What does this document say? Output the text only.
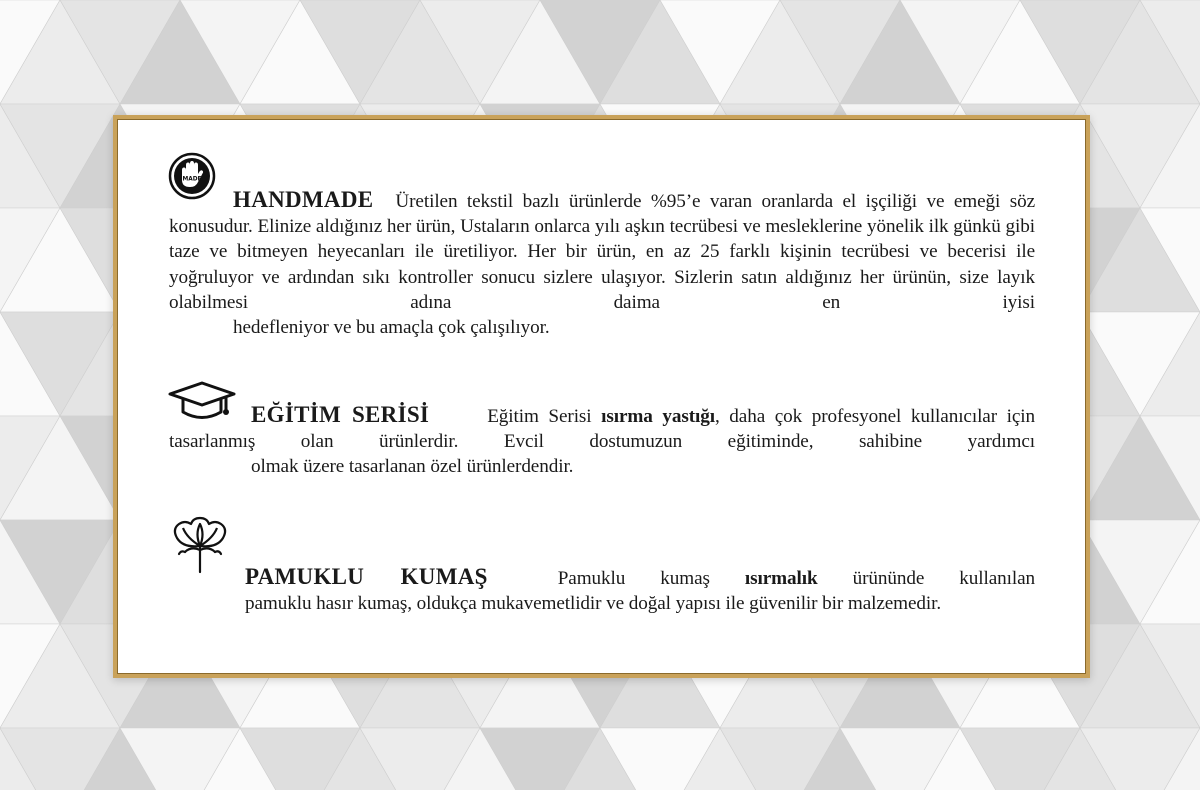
MADE

HANDMADE Üretilen tekstil bazlı ürünlerde %95’e varan oranlarda el işçiliği ve emeği söz konusudur. Elinize aldığınız her ürün, Ustaların onlarca yılı aşkın tecrübesi ve mesleklerine yönelik ilk günkü gibi taze ve bitmeyen heyecanları ile üretiliyor. Her bir ürün, en az 25 farklı kişinin tecrübesi ve becerisi ile yoğruluyor ve ardından sıkı kontroller sonucu sizlere ulaşıyor. Sizlerin satın aldığınız her ürünün, size layık olabilmesi adına daima en iyisi
hedefleniyor ve bu amaçla çok çalışılıyor.

EĞİTİM SERİSİ	Eğitim Serisi ısırma yastığı, daha çok profesyonel kullanıcılar için tasarlanmış olan ürünlerdir. Evcil dostumuzun eğitiminde, sahibine yardımcı
olmak üzere tasarlanan özel ürünlerdendir.

PAMUKLU KUMAŞ	Pamuklu kumaş ısırmalık ürününde kullanılan
pamuklu hasır kumaş, oldukça mukavemetlidir ve doğal yapısı ile güvenilir bir malzemedir.
